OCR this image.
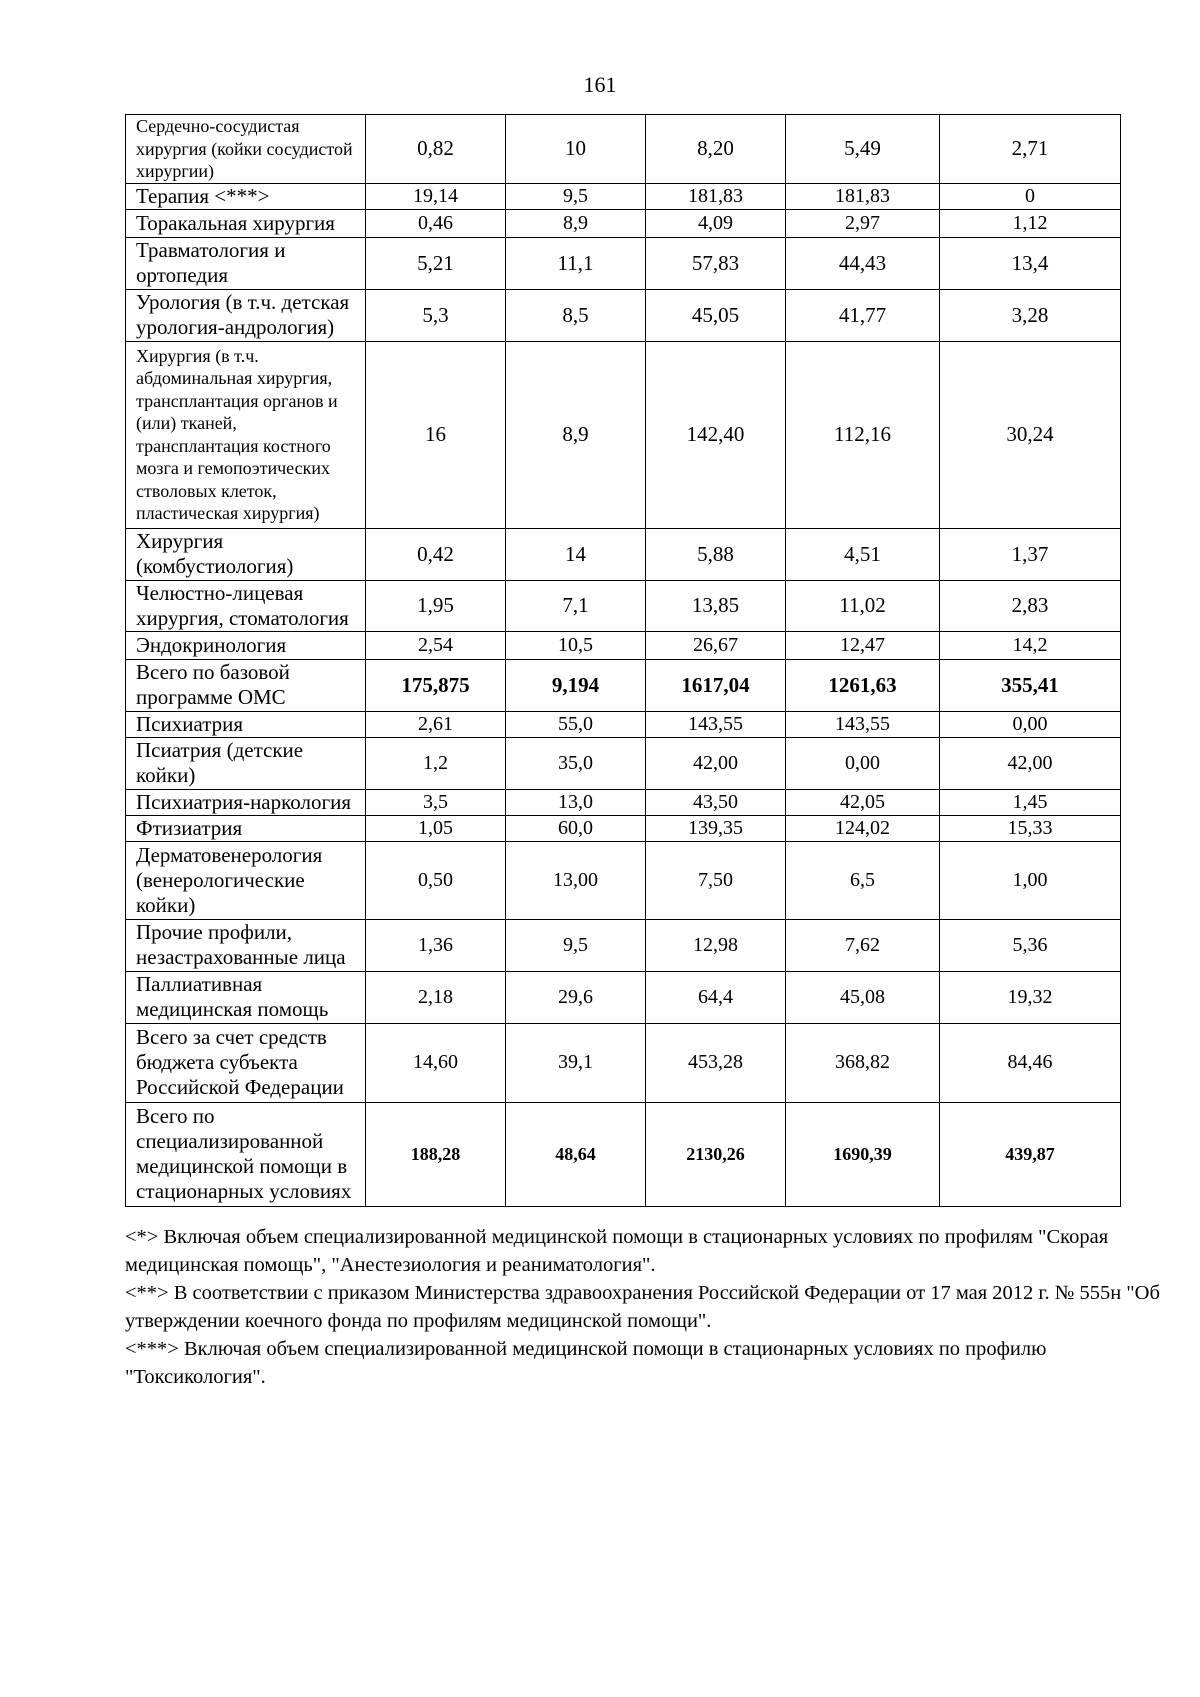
161
Сердечно-сосудистая хирургия (койки сосудистой хирургии)	0,82	10	8,20	5,49	2,71
Терапия <***>	19,14	9,5	181,83	181,83	0
Торакальная хирургия	0,46	8,9	4,09	2,97	1,12
Травматология и ортопедия	5,21	11,1	57,83	44,43	13,4
Урология (в т.ч. детская урология-андрология)	5,3	8,5	45,05	41,77	3,28
Хирургия (в т.ч. абдоминальная хирургия, трансплантация органов и (или) тканей, трансплантация костного мозга и гемопоэтических стволовых клеток, пластическая хирургия)	16	8,9	142,40	112,16	30,24
Хирургия (комбустиология)	0,42	14	5,88	4,51	1,37
Челюстно-лицевая хирургия, стоматология	1,95	7,1	13,85	11,02	2,83
Эндокринология	2,54	10,5	26,67	12,47	14,2
Всего по базовой программе ОМС	175,875	9,194	1617,04	1261,63	355,41
Психиатрия	2,61	55,0	143,55	143,55	0,00
Псиатрия (детские койки)	1,2	35,0	42,00	0,00	42,00
Психиатрия-наркология	3,5	13,0	43,50	42,05	1,45
Фтизиатрия	1,05	60,0	139,35	124,02	15,33
Дерматовенерология (венерологические койки)	0,50	13,00	7,50	6,5	1,00
Прочие профили, незастрахованные лица	1,36	9,5	12,98	7,62	5,36
Паллиативная медицинская помощь	2,18	29,6	64,4	45,08	19,32
Всего за счет средств бюджета субъекта Российской Федерации	14,60	39,1	453,28	368,82	84,46
Всего по специализированной медицинской помощи в стационарных условиях	188,28	48,64	2130,26	1690,39	439,87

<*> Включая объем специализированной медицинской помощи в стационарных условиях по профилям "Скорая медицинская помощь", "Анестезиология и реаниматология".

<**> В соответствии с приказом Министерства здравоохранения Российской Федерации от 17 мая 2012 г. № 555н "Об утверждении коечного фонда по профилям медицинской помощи".

<***> Включая объем специализированной медицинской помощи в стационарных условиях по профилю "Токсикология".
